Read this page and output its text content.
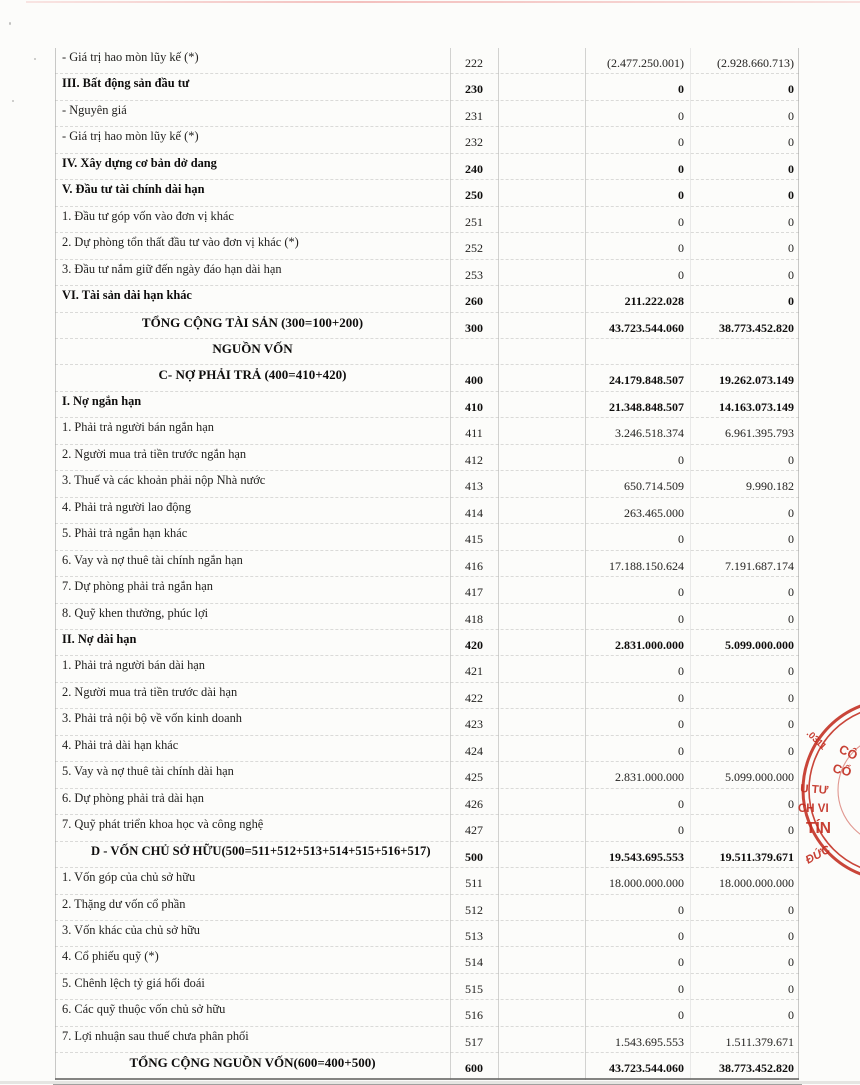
- Giá trị hao mòn lũy kế (*)	222	(2.477.250.001)	(2.928.660.713)
III. Bất động sản đầu tư	230	0	0
- Nguyên giá	231	0	0
- Giá trị hao mòn lũy kế (*)	232	0	0
IV. Xây dựng cơ bản dở dang	240	0	0
V. Đầu tư tài chính dài hạn	250	0	0
1. Đầu tư góp vốn vào đơn vị khác	251	0	0
2. Dự phòng tổn thất đầu tư vào đơn vị khác (*)	252	0	0
3. Đầu tư nắm giữ đến ngày đáo hạn dài hạn	253	0	0
VI. Tài sản dài hạn khác	260	211.222.028	0
TỔNG CỘNG TÀI SẢN (300=100+200)	300	43.723.544.060	38.773.452.820
NGUỒN VỐN
C- NỢ PHẢI TRẢ (400=410+420)	400	24.179.848.507	19.262.073.149
I. Nợ ngắn hạn	410	21.348.848.507	14.163.073.149
1. Phải trả người bán ngắn hạn	411	3.246.518.374	6.961.395.793
2. Người mua trả tiền trước ngắn hạn	412	0	0
3. Thuế và các khoản phải nộp Nhà nước	413	650.714.509	9.990.182
4. Phải trả người lao động	414	263.465.000	0
5. Phải trả ngắn hạn khác	415	0	0
6. Vay và nợ thuê tài chính ngắn hạn	416	17.188.150.624	7.191.687.174
7. Dự phòng phải trả ngắn hạn	417	0	0
8. Quỹ khen thưởng, phúc lợi	418	0	0
II. Nợ dài hạn	420	2.831.000.000	5.099.000.000
1. Phải trả người bán dài hạn	421	0	0
2. Người mua trả tiền trước dài hạn	422	0	0
3. Phải trả nội bộ về vốn kinh doanh	423	0	0
4. Phải trả dài hạn khác	424	0	0
5. Vay và nợ thuê tài chính dài hạn	425	2.831.000.000	5.099.000.000
6. Dự phòng phải trả dài hạn	426	0	0
7. Quỹ phát triển khoa học và công nghệ	427	0	0
D - VỐN CHỦ SỞ HỮU(500=511+512+513+514+515+516+517)	500	19.543.695.553	19.511.379.671
1. Vốn góp của chủ sở hữu	511	18.000.000.000	18.000.000.000
2. Thặng dư vốn cổ phần	512	0	0
3. Vốn khác của chủ sở hữu	513	0	0
4. Cổ phiếu quỹ (*)	514	0	0
5. Chênh lệch tỷ giá hối đoái	515	0	0
6. Các quỹ thuộc vốn chủ sở hữu	516	0	0
7. Lợi nhuận sau thuế chưa phân phối	517	1.543.695.553	1.511.379.671
TỔNG CỘNG NGUỒN VỐN(600=400+500)	600	43.723.544.060	38.773.452.820
.0311
CÔ
CỔ
U TƯ
CH VI
TÍN
ĐỨC
